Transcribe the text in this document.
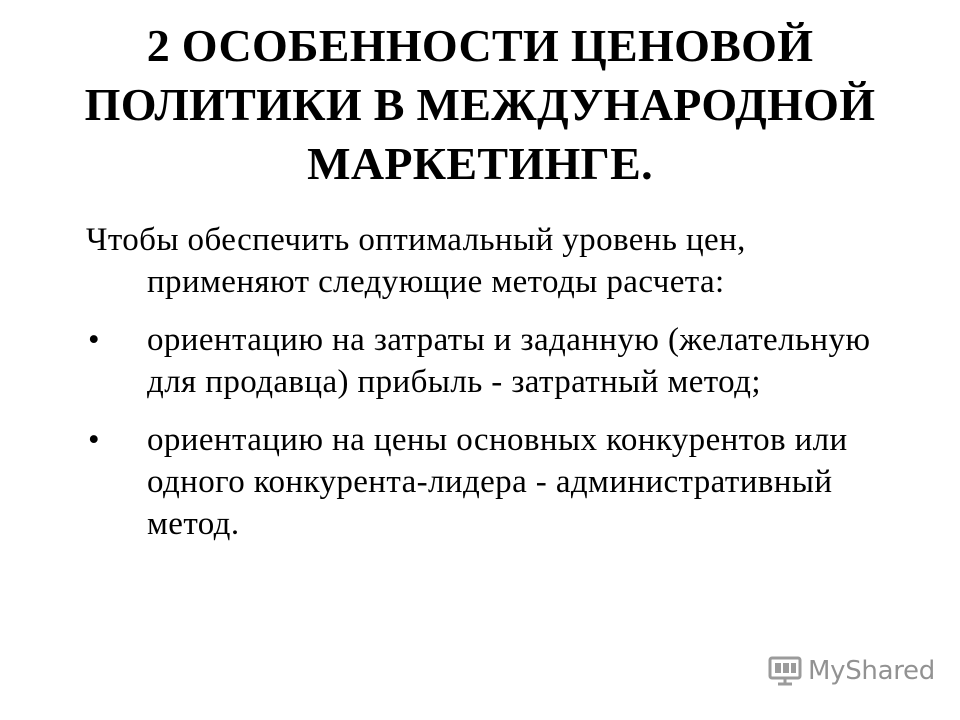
2 ОСОБЕННОСТИ ЦЕНОВОЙ ПОЛИТИКИ В МЕЖДУНАРОДНОЙ МАРКЕТИНГЕ.

Чтобы обеспечить оптимальный уровень цен, применяют следующие методы расчета:

• ориентацию на затраты и заданную (желательную для продавца) прибыль - затратный метод;
• ориентацию на цены основных конкурентов или одного конкурента-лидера - административный метод.
MyShared
